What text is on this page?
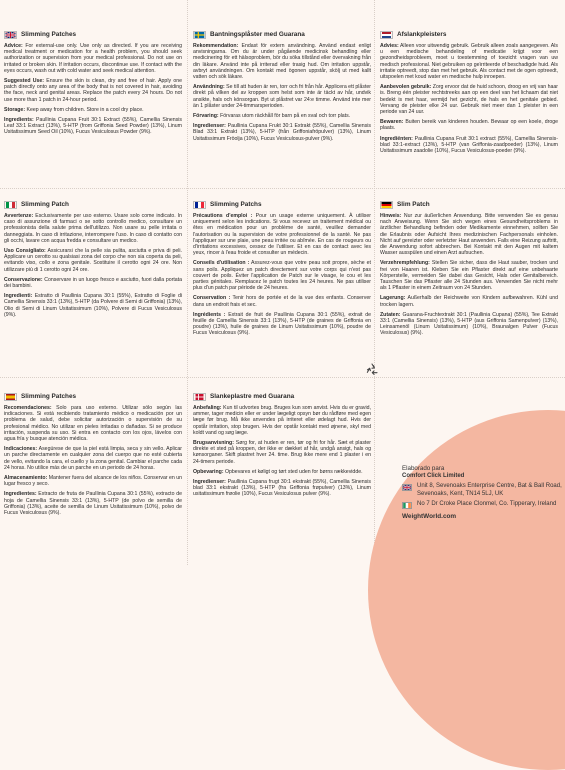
Slimming Patches

Advice: For external-use only. Use only as directed. If you are receiving medical treatment or medication for a health problem, you should seek authorization or supervision from your medical professional. Do not use on irritated or broken skin. If irritation occurs, discontinue use. If contact with the eyes occurs, wash out with cold water and seek medical attention.

Suggested Use: Ensure the skin is clean, dry and free of hair. Apply one patch directly onto any area of the body that is not covered in hair, avoiding the face, neck and genital areas. Replace the patch every 24 hours. Do not use more than 1 patch in 24-hour period.

Storage: Keep away from children. Store in a cool dry place.

Ingredients: Paullinia Cupana Fruit 30:1 Extract (55%), Camellia Sinensis Leaf 33:1 Extract (13%), 5-HTP (from Griffonia Seed Powder) (13%), Linum Usitatissimum Seed Oil (10%), Fucus Vesiculosus Powder (9%).

Bantningsplåster med Guarana

Rekommendation: Endast för extern användning. Använd endast enligt anvisningarna. Om du är under pågående medicinsk behandling eller medicinering för ett hälsoproblem, bör du söka tillstånd eller övervakning från din läkare. Använd inte på irriterad eller trasig hud. Om irritation uppstår, avbryt användningen. Om kontakt med ögonen uppstår, skölj ut med kallt vatten och sök läkare.

Användning: Se till att huden är ren, torr och fri från hår. Applicera ett plåster direkt på vilken del av kroppen som helst som inte är täckt av hår, undvik ansikte, hals och könsorgan. Byt ut plåstret var 24:e timme. Använd inte mer än 1 plåster under 24-timmarsperioden.

Förvaring: Förvaras utom räckhåll för barn på en sval och torr plats.

Ingredienser: Paullinia Cupana Frukt 30:1 Extrakt (55%), Camellia Sinensis Blad 33:1 Extrakt (13%), 5-HTP (från Griffoniafröpulver) (13%), Linum Usitatissimum Fröolja (10%), Fucus Vesiculosus-pulver (9%).

Afslankpleisters

Advies: Alleen voor uitwendig gebruik. Gebruik alleen zoals aangegeven. Als u een medische behandeling of medicatie krijgt voor een gezondheidsprobleem, moet u toestemming of toezicht vragen van uw medisch professional. Niet gebruiken op geïrriteerde of beschadigde huid. Als irritatie optreedt, stop dan met het gebruik. Als contact met de ogen optreedt, uitspoelen met koud water en medische hulp inroepen.

Aanbevolen gebruik: Zorg ervoor dat de huid schoon, droog en vrij van haar is. Breng één pleister rechtstreeks aan op een deel van het lichaam dat niet bedekt is met haar, vermijd het gezicht, de hals en het genitale gebied. Vervang de pleister elke 24 uur. Gebruik niet meer dan 1 pleister in een periode van 24 uur.

Bewaren: Buiten bereik van kinderen houden. Bewaar op een koele, droge plaats.

Ingrediënten: Paullinia Cupana Fruit 30:1 extract (55%), Camellia Sinensis-blad 33:1-extract (13%), 5-HTP (van Griffonia-zaadpoeder) (13%), Linum Usitatissimum zaadolie (10%), Fucus Vesiculosus-poeder (9%).

Slimming Patch

Avvertenze: Esclusivamente per uso esterno. Usare solo come indicato. In caso di assunzione di farmaci o se sotto controllo medico, consultare un professionista della salute prima dell'utilizzo. Non usare su pelle irritata o danneggiata. In caso di irritazione, interrompere l'uso. In caso di contatto con gli occhi, lavare con acqua fredda e consultare un medico.

Uso Consigliato: Assicurarsi che la pelle sia pulita, asciutta e priva di peli. Applicare un cerotto su qualsiasi zona del corpo che non sia coperta da peli, evitando viso, collo e zona genitale. Sostituire il cerotto ogni 24 ore. Non utilizzare più di 1 cerotto ogni 24 ore.

Conservazione: Conservare in un luogo fresco e asciutto, fuori dalla portata dei bambini.

Ingredienti: Estratto di Paullinia Cupana 30:1 (55%), Estratto di Foglie di Camellia Sinensis 33:1 (13%), 5-HTP (da Polvere di Semi di Griffonia) (13%), Olio di Semi di Linum Usitatissimum (10%), Polvere di Fucus Vesiculosus (9%).

Slimming Patchs

Précautions d'emploi : Pour un usage externe uniquement. À utiliser uniquement selon les indications. Si vous recevez un traitement médical ou êtes en médication pour un problème de santé, veuillez demander l'autorisation ou la supervision de votre professionnel de la santé. Ne pas l'appliquer sur une plaie, une peau irritée ou abîmée. En cas de rougeurs ou d'irritations excessives, cessez de l'utiliser. Et en cas de contact avec les yeux, rincer à l'eau froide et consulter un médecin.

Conseils d'utilisation : Assurez-vous que votre peau soit propre, sèche et sans poils. Appliquez un patch directement sur votre corps qui n'est pas couvert de poils. Éviter l'application de Patch sur le visage, le cou et les parties génitales. Remplacez le patch toutes les 24 heures. Ne pas utiliser plus d'un patch par période de 24 heures.

Conservation : Tenir hors de portée et de la vue des enfants. Conserver dans un endroit frais et sec.

Ingrédients : Extrait de fruit de Paullinia Cupana 30:1 (55%), extrait de feuille de Camellia Sinensis 33:1 (13%), 5-HTP (de graines de Griffonia en poudre) (13%), huile de graines de Linum Usitatissimum (10%), poudre de Fucus Vesiculosus (9%).

Slim Patch

Hinweis: Nur zur äußerlichen Anwendung. Bitte verwenden Sie es genau nach Anweisung. Wenn Sie sich wegen eines Gesundheitsproblems in ärztlicher Behandlung befinden oder Medikamente einnehmen, sollten Sie die Erlaubnis oder Aufsicht Ihres medizinischen Fachpersonals einholen. Nicht auf gereizter oder verletzter Haut anwenden. Falls eine Reizung auftritt, die Anwendung sofort abbrechen. Bei Kontakt mit den Augen mit kaltem Wasser ausspülen und einen Arzt aufsuchen.

Verzehrempfehlung: Stellen Sie sicher, dass die Haut sauber, trocken und frei von Haaren ist. Kleben Sie ein Pflaster direkt auf eine unbehaarte Körperstelle, vermeiden Sie dabei das Gesicht, Hals oder Genitalbereich. Tauschen Sie das Pflaster alle 24 Stunden aus. Verwenden Sie nicht mehr als 1 Pflaster in einem Zeitraum von 24 Stunden.

Lagerung: Außerhalb der Reichweite von Kindern aufbewahren. Kühl und trocken lagern.

Zutaten: Guarana-Fruchtextrakt 30:1 (Paullinia Cupana) (55%), Tee Extrakt 33:1 (Camellia Sinensis) (13%), 5-HTP (aus Griffonia Samenpulver) (13%), Leinsamenöl (Linum Usitatissimum) (10%), Braunalgen Pulver (Fucus Vesiculosus) (9%).

Slimming Patches

Recomendaciones: Solo para uso externo. Utilizar sólo según las indicaciones. Si está recibiendo tratamiento médico o medicación por un problema de salud, debe solicitar autorización o supervisión de su profesional médico. No utilizar en pieles irritadas o dañadas. Si se produce irritación, suspenda su uso. Si entra en contacto con los ojos, lávelos con agua fría y busque atención médica.

Indicaciones: Asegúrese de que la piel está limpia, seca y sin vello. Aplicar un parche directamente en cualquier zona del cuerpo que no esté cubierta de vello, evitando la cara, el cuello y la zona genital. Cambiar el parche cada 24 horas. No utilice más de un parche en un periodo de 24 horas.

Almacenamiento: Mantener fuera del alcance de los niños. Conservar en un lugar fresco y seco.

Ingredientes: Extracto de fruta de Paullinia Cupana 30:1 (55%), extracto de hoja de Camellia Sinensis 33:1 (13%), 5-HTP (de polvo de semilla de Griffonia) (13%), aceite de semilla de Linum Usitatissimum (10%), polvo de Fucus Vesiculosus (9%).

Slankeplastre med Guarana

Anbefaling: Kun til udvortes brug. Bruges kun som anvist. Hvis du er gravid, ammer, tager medicin eller er under lægeligt opsyn bør du rådføre med egen læge før brug. Må ikke anvendes på irriteret eller ødelagt hud. Hvis der opstår irritation, stop brugen. Hvis der opstår kontakt med øjnene, skyl med koldt vand og søg læge.

Brugsanvisning: Sørg for, at huden er ren, tør og fri for hår. Sæt et plaster direkte et sted på kroppen, der ikke er dækket af hår, undgå ansigt, hals og kønsorganer. Skift plastret hver 24. time. Brug ikke mere end 1 plaster i en 24-timers periode.

Opbevaring: Opbevares et køligt og tørt sted uden for børns rækkevidde.

Ingredienser: Paullinia Cupana frugt 30:1 ekstrakt (55%), Camellia Sinensis blad 33:1 ekstrakt (13%), 5-HTP (fra Griffonia frøpulver) (13%), Linum usitatissimum frøolie (10%), Fucus Vesiculosus pulver (9%).

Elaborado para
Comfort Click Limited
Unit 8, Sevenoaks Enterprise Centre, Bat & Ball Road, Sevenoaks, Kent, TN14 5LJ, UK
No 7 Dr Croke Place Clonmel, Co. Tipperary, Ireland
WeightWorld.com
